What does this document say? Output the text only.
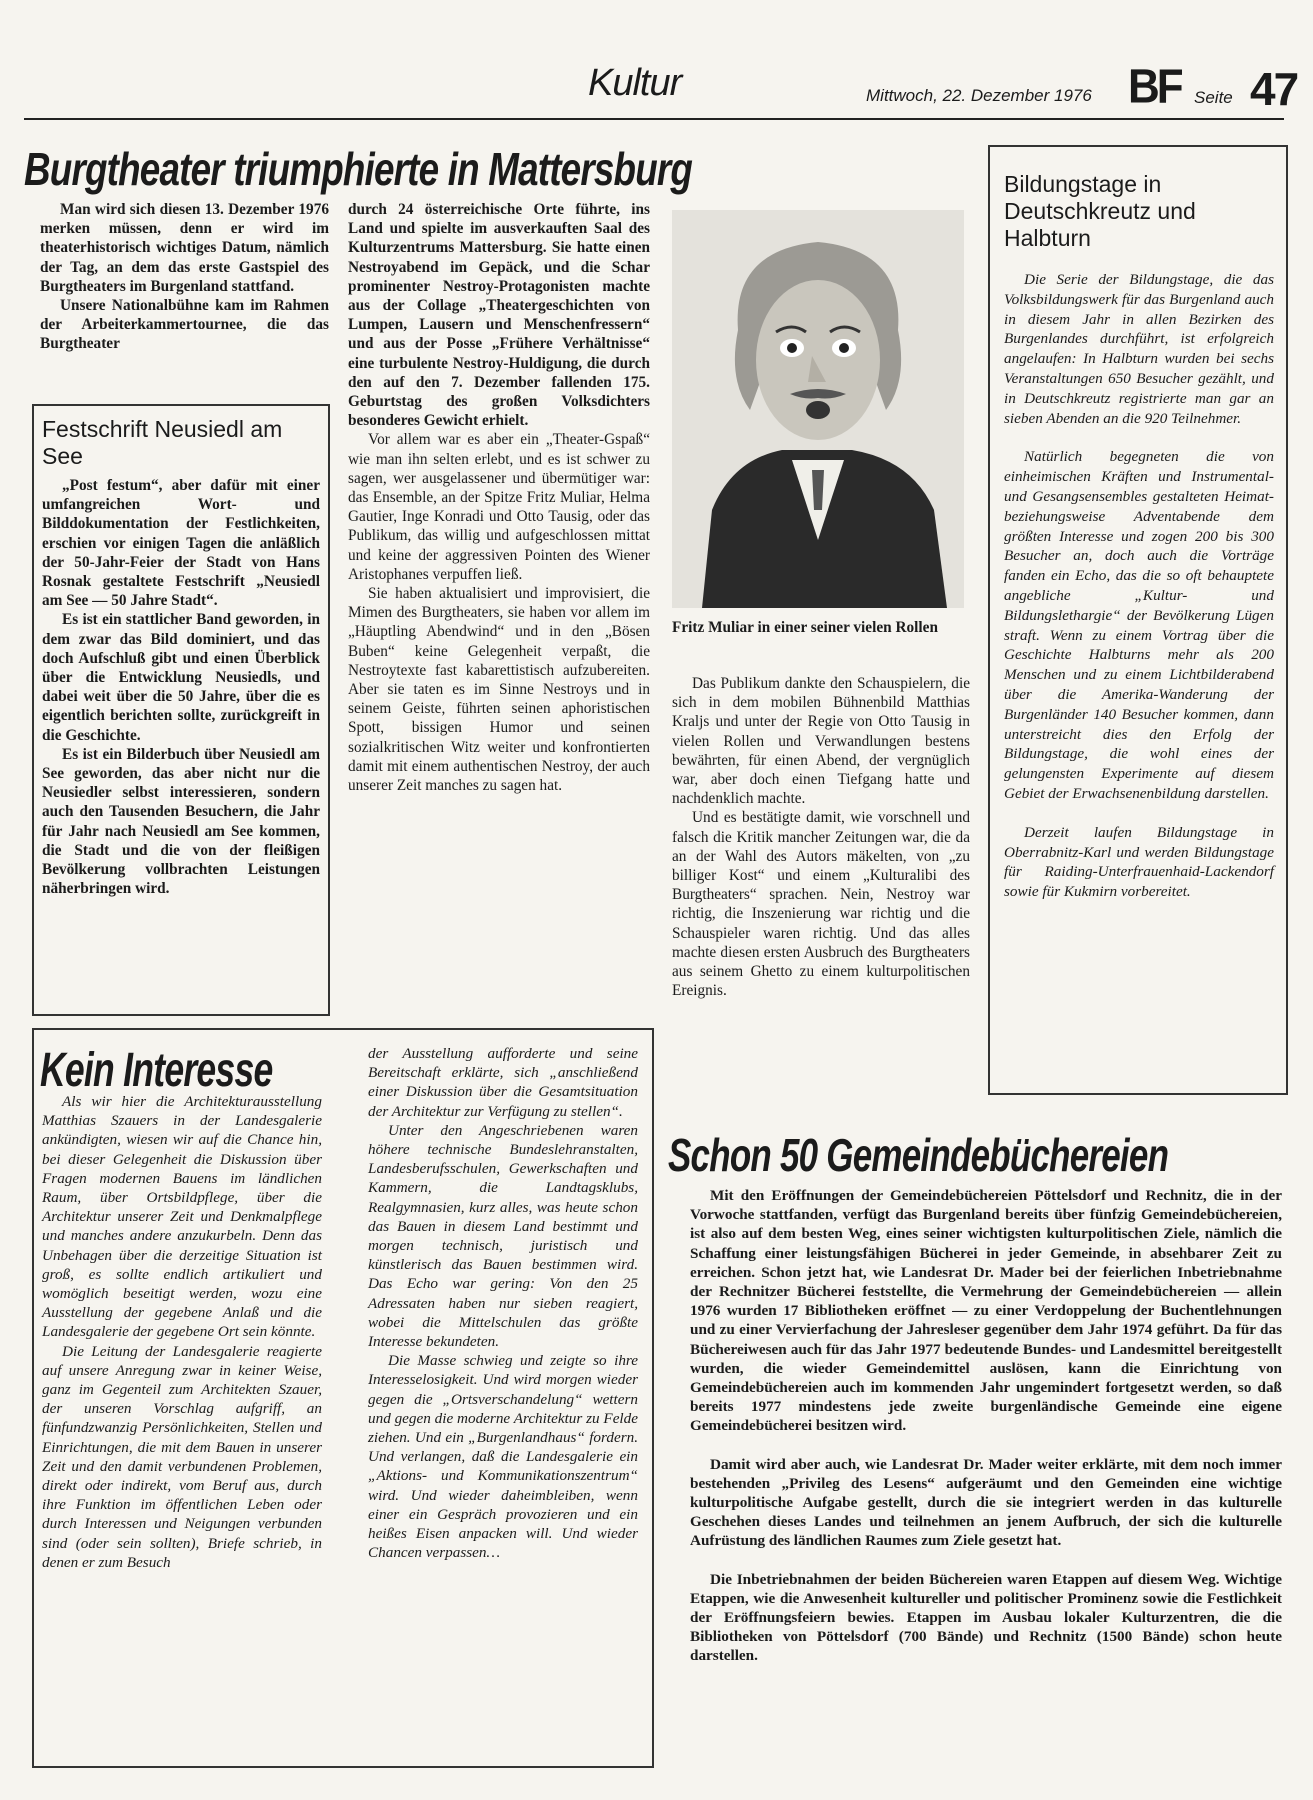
Kultur	Mittwoch, 22. Dezember 1976 BF Seite 47
Burgtheater triumphierte in Mattersburg

Man wird sich diesen 13. Dezember 1976 merken müssen, denn er wird im theaterhistorisch wichtiges Datum, nämlich der Tag, an dem das erste Gastspiel des Burgtheaters im Burgenland stattfand.

Unsere Nationalbühne kam im Rahmen der Arbeiterkammertournee, die das Burgtheater

durch 24 österreichische Orte führte, ins Land und spielte im ausverkauften Saal des Kulturzentrums Mattersburg. Sie hatte einen Nestroyabend im Gepäck, und die Schar prominenter Nestroy-Protagonisten machte aus der Collage „Theatergeschichten von Lumpen, Lausern und Menschenfressern“ und aus der Posse „Frühere Verhältnisse“ eine turbulente Nestroy-Huldigung, die durch den auf den 7. Dezember fallenden 175. Geburtstag des großen Volksdichters besonderes Gewicht erhielt.

Vor allem war es aber ein „Theater-Gspaß“ wie man ihn selten erlebt, und es ist schwer zu sagen, wer ausgelassener und übermütiger war: das Ensemble, an der Spitze Fritz Muliar, Helma Gautier, Inge Konradi und Otto Tausig, oder das Publikum, das willig und aufgeschlossen mittat und keine der aggressiven Pointen des Wiener Aristophanes verpuffen ließ.

Sie haben aktualisiert und improvisiert, die Mimen des Burgtheaters, sie haben vor allem im „Häuptling Abendwind“ und in den „Bösen Buben“ keine Gelegenheit verpaßt, die Nestroytexte fast kabarettistisch aufzubereiten. Aber sie taten es im Sinne Nestroys und in seinem Geiste, führten seinen aphoristischen Spott, bissigen Humor und seinen sozialkritischen Witz weiter und konfrontierten damit mit einem authentischen Nestroy, der auch unserer Zeit manches zu sagen hat.

Fritz Muliar in einer seiner vielen Rollen

Das Publikum dankte den Schauspielern, die sich in dem mobilen Bühnenbild Matthias Kraljs und unter der Regie von Otto Tausig in vielen Rollen und Verwandlungen bestens bewährten, für einen Abend, der vergnüglich war, aber doch einen Tiefgang hatte und nachdenklich machte.

Und es bestätigte damit, wie vorschnell und falsch die Kritik mancher Zeitungen war, die da an der Wahl des Autors mäkelten, von „zu billiger Kost“ und einem „Kulturalibi des Burgtheaters“ sprachen. Nein, Nestroy war richtig, die Inszenierung war richtig und die Schauspieler waren richtig. Und das alles machte diesen ersten Ausbruch des Burgtheaters aus seinem Ghetto zu einem kulturpolitischen Ereignis.

Festschrift Neusiedl am See

„Post festum“, aber dafür mit einer umfangreichen Wort- und Bilddokumentation der Festlichkeiten, erschien vor einigen Tagen die anläßlich der 50-Jahr-Feier der Stadt von Hans Rosnak gestaltete Festschrift „Neusiedl am See — 50 Jahre Stadt“.

Es ist ein stattlicher Band geworden, in dem zwar das Bild dominiert, und das doch Aufschluß gibt und einen Überblick über die Entwicklung Neusiedls, und dabei weit über die 50 Jahre, über die es eigentlich berichten sollte, zurückgreift in die Geschichte.

Es ist ein Bilderbuch über Neusiedl am See geworden, das aber nicht nur die Neusiedler selbst interessieren, sondern auch den Tausenden Besuchern, die Jahr für Jahr nach Neusiedl am See kommen, die Stadt und die von der fleißigen Bevölkerung vollbrachten Leistungen näherbringen wird.

Bildungstage in Deutschkreutz und Halbturn

Die Serie der Bildungstage, die das Volksbildungswerk für das Burgenland auch in diesem Jahr in allen Bezirken des Burgenlandes durchführt, ist erfolgreich angelaufen: In Halbturn wurden bei sechs Veranstaltungen 650 Besucher gezählt, und in Deutschkreutz registrierte man gar an sieben Abenden an die 920 Teilnehmer.

Natürlich begegneten die von einheimischen Kräften und Instrumental- und Gesangsensembles gestalteten Heimat- beziehungsweise Adventabende dem größten Interesse und zogen 200 bis 300 Besucher an, doch auch die Vorträge fanden ein Echo, das die so oft behauptete angebliche „Kultur- und Bildungslethargie“ der Bevölkerung Lügen straft. Wenn zu einem Vortrag über die Geschichte Halbturns mehr als 200 Menschen und zu einem Lichtbilderabend über die Amerika-Wanderung der Burgenländer 140 Besucher kommen, dann unterstreicht dies den Erfolg der Bildungstage, die wohl eines der gelungensten Experimente auf diesem Gebiet der Erwachsenenbildung darstellen.

Derzeit laufen Bildungstage in Oberrabnitz-Karl und werden Bildungstage für Raiding-Unterfrauenhaid-Lackendorf sowie für Kukmirn vorbereitet.

Kein Interesse

Als wir hier die Architekturausstellung Matthias Szauers in der Landesgalerie ankündigten, wiesen wir auf die Chance hin, bei dieser Gelegenheit die Diskussion über Fragen modernen Bauens im ländlichen Raum, über Ortsbildpflege, über die Architektur unserer Zeit und Denkmalpflege und manches andere anzukurbeln. Denn das Unbehagen über die derzeitige Situation ist groß, es sollte endlich artikuliert und womöglich beseitigt werden, wozu eine Ausstellung der gegebene Anlaß und die Landesgalerie der gegebene Ort sein könnte.

Die Leitung der Landesgalerie reagierte auf unsere Anregung zwar in keiner Weise, ganz im Gegenteil zum Architekten Szauer, der unseren Vorschlag aufgriff, an fünfundzwanzig Persönlichkeiten, Stellen und Einrichtungen, die mit dem Bauen in unserer Zeit und den damit verbundenen Problemen, direkt oder indirekt, vom Beruf aus, durch ihre Funktion im öffentlichen Leben oder durch Interessen und Neigungen verbunden sind (oder sein sollten), Briefe schrieb, in denen er zum Besuch

der Ausstellung aufforderte und seine Bereitschaft erklärte, sich „anschließend einer Diskussion über die Gesamtsituation der Architektur zur Verfügung zu stellen“.

Unter den Angeschriebenen waren höhere technische Bundeslehranstalten, Landesberufsschulen, Gewerkschaften und Kammern, die Landtagsklubs, Realgymnasien, kurz alles, was heute schon das Bauen in diesem Land bestimmt und morgen technisch, juristisch und künstlerisch das Bauen bestimmen wird. Das Echo war gering: Von den 25 Adressaten haben nur sieben reagiert, wobei die Mittelschulen das größte Interesse bekundeten.

Die Masse schwieg und zeigte so ihre Interesselosigkeit. Und wird morgen wieder gegen die „Ortsverschandelung“ wettern und gegen die moderne Architektur zu Felde ziehen. Und ein „Burgenlandhaus“ fordern. Und verlangen, daß die Landesgalerie ein „Aktions- und Kommunikationszentrum“ wird. Und wieder daheimbleiben, wenn einer ein Gespräch provozieren und ein heißes Eisen anpacken will. Und wieder Chancen verpassen…

Schon 50 Gemeindebüchereien

Mit den Eröffnungen der Gemeindebüchereien Pöttelsdorf und Rechnitz, die in der Vorwoche stattfanden, verfügt das Burgenland bereits über fünfzig Gemeindebüchereien, ist also auf dem besten Weg, eines seiner wichtigsten kulturpolitischen Ziele, nämlich die Schaffung einer leistungsfähigen Bücherei in jeder Gemeinde, in absehbarer Zeit zu erreichen. Schon jetzt hat, wie Landesrat Dr. Mader bei der feierlichen Inbetriebnahme der Rechnitzer Bücherei feststellte, die Vermehrung der Gemeindebüchereien — allein 1976 wurden 17 Bibliotheken eröffnet — zu einer Verdoppelung der Buchentlehnungen und zu einer Vervierfachung der Jahresleser gegenüber dem Jahr 1974 geführt. Da für das Büchereiwesen auch für das Jahr 1977 bedeutende Bundes- und Landesmittel bereitgestellt wurden, die wieder Gemeindemittel auslösen, kann die Einrichtung von Gemeindebüchereien auch im kommenden Jahr ungemindert fortgesetzt werden, so daß bereits 1977 mindestens jede zweite burgenländische Gemeinde eine eigene Gemeindebücherei besitzen wird.

Damit wird aber auch, wie Landesrat Dr. Mader weiter erklärte, mit dem noch immer bestehenden „Privileg des Lesens“ aufgeräumt und den Gemeinden eine wichtige kulturpolitische Aufgabe gestellt, durch die sie integriert werden in das kulturelle Geschehen dieses Landes und teilnehmen an jenem Aufbruch, der sich die kulturelle Aufrüstung des ländlichen Raumes zum Ziele gesetzt hat.

Die Inbetriebnahmen der beiden Büchereien waren Etappen auf diesem Weg. Wichtige Etappen, wie die Anwesenheit kultureller und politischer Prominenz sowie die Festlichkeit der Eröffnungsfeiern bewies. Etappen im Ausbau lokaler Kulturzentren, die die Bibliotheken von Pöttelsdorf (700 Bände) und Rechnitz (1500 Bände) schon heute darstellen.
